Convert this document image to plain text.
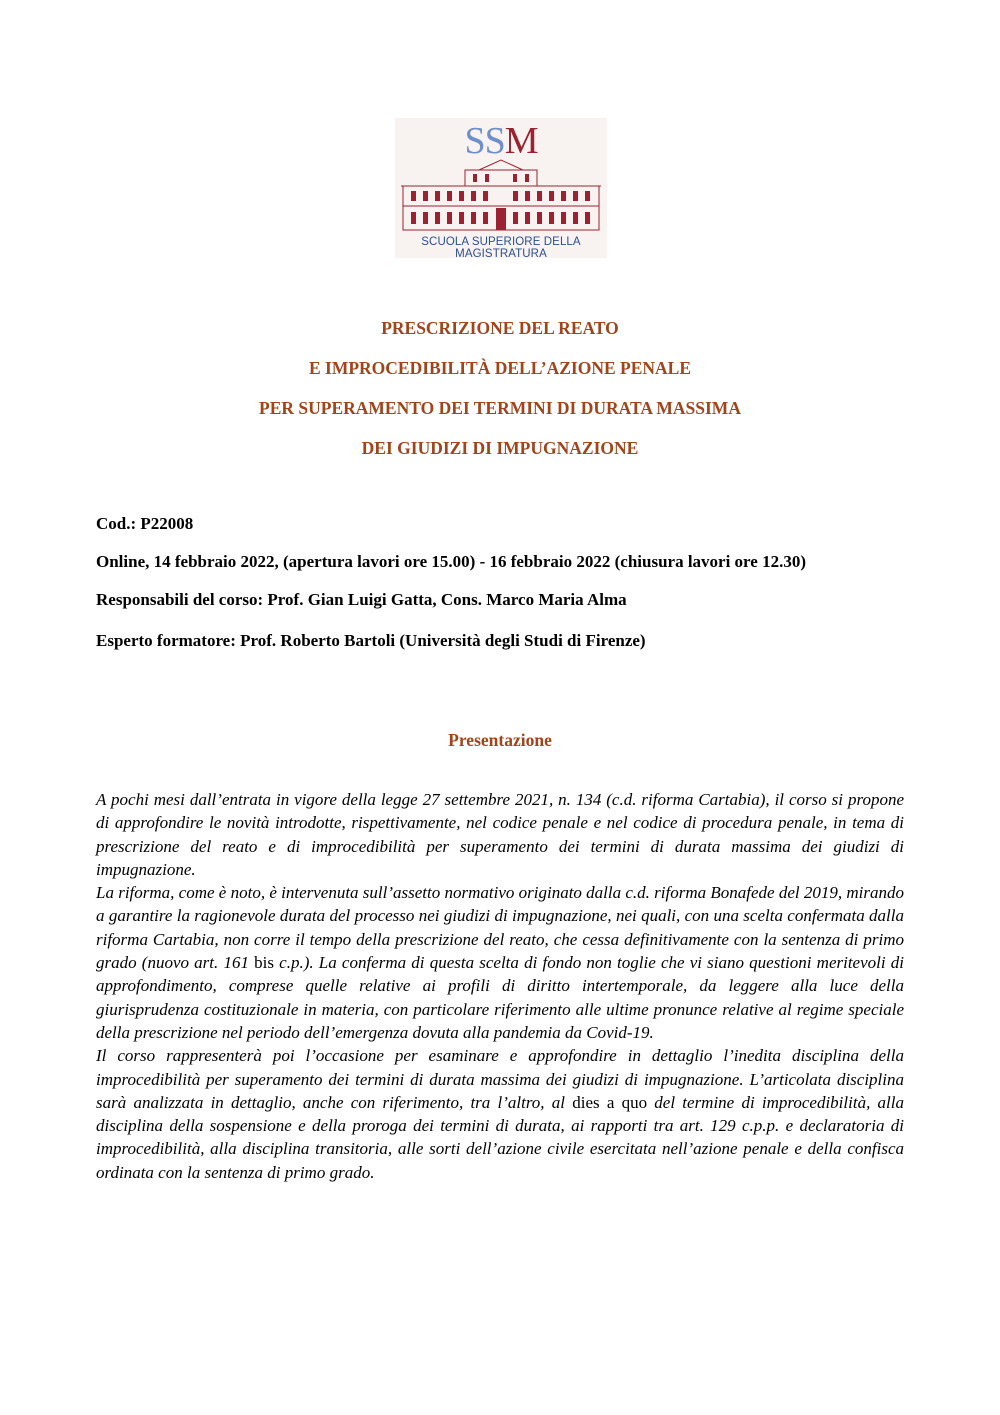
SSM
SCUOLA SUPERIORE DELLA MAGISTRATURA
PRESCRIZIONE DEL REATO
E IMPROCEDIBILITÀ DELL’AZIONE PENALE
PER SUPERAMENTO DEI TERMINI DI DURATA MASSIMA
DEI GIUDIZI DI IMPUGNAZIONE

Cod.: P22008

Online, 14 febbraio 2022, (apertura lavori ore 15.00) - 16 febbraio 2022 (chiusura lavori ore 12.30)

Responsabili del corso: Prof. Gian Luigi Gatta, Cons. Marco Maria Alma

Esperto formatore: Prof. Roberto Bartoli (Università degli Studi di Firenze)

Presentazione

A pochi mesi dall’entrata in vigore della legge 27 settembre 2021, n. 134 (c.d. riforma Cartabia), il corso si propone di approfondire le novità introdotte, rispettivamente, nel codice penale e nel codice di procedura penale, in tema di prescrizione del reato e di improcedibilità per superamento dei termini di durata massima dei giudizi di impugnazione.

La riforma, come è noto, è intervenuta sull’assetto normativo originato dalla c.d. riforma Bonafede del 2019, mirando a garantire la ragionevole durata del processo nei giudizi di impugnazione, nei quali, con una scelta confermata dalla riforma Cartabia, non corre il tempo della prescrizione del reato, che cessa definitivamente con la sentenza di primo grado (nuovo art. 161 bis c.p.). La conferma di questa scelta di fondo non toglie che vi siano questioni meritevoli di approfondimento, comprese quelle relative ai profili di diritto intertemporale, da leggere alla luce della giurisprudenza costituzionale in materia, con particolare riferimento alle ultime pronunce relative al regime speciale della prescrizione nel periodo dell’emergenza dovuta alla pandemia da Covid-19.

Il corso rappresenterà poi l’occasione per esaminare e approfondire in dettaglio l’inedita disciplina della improcedibilità per superamento dei termini di durata massima dei giudizi di impugnazione. L’articolata disciplina sarà analizzata in dettaglio, anche con riferimento, tra l’altro, al dies a quo del termine di improcedibilità, alla disciplina della sospensione e della proroga dei termini di durata, ai rapporti tra art. 129 c.p.p. e declaratoria di improcedibilità, alla disciplina transitoria, alle sorti dell’azione civile esercitata nell’azione penale e della confisca ordinata con la sentenza di primo grado.
